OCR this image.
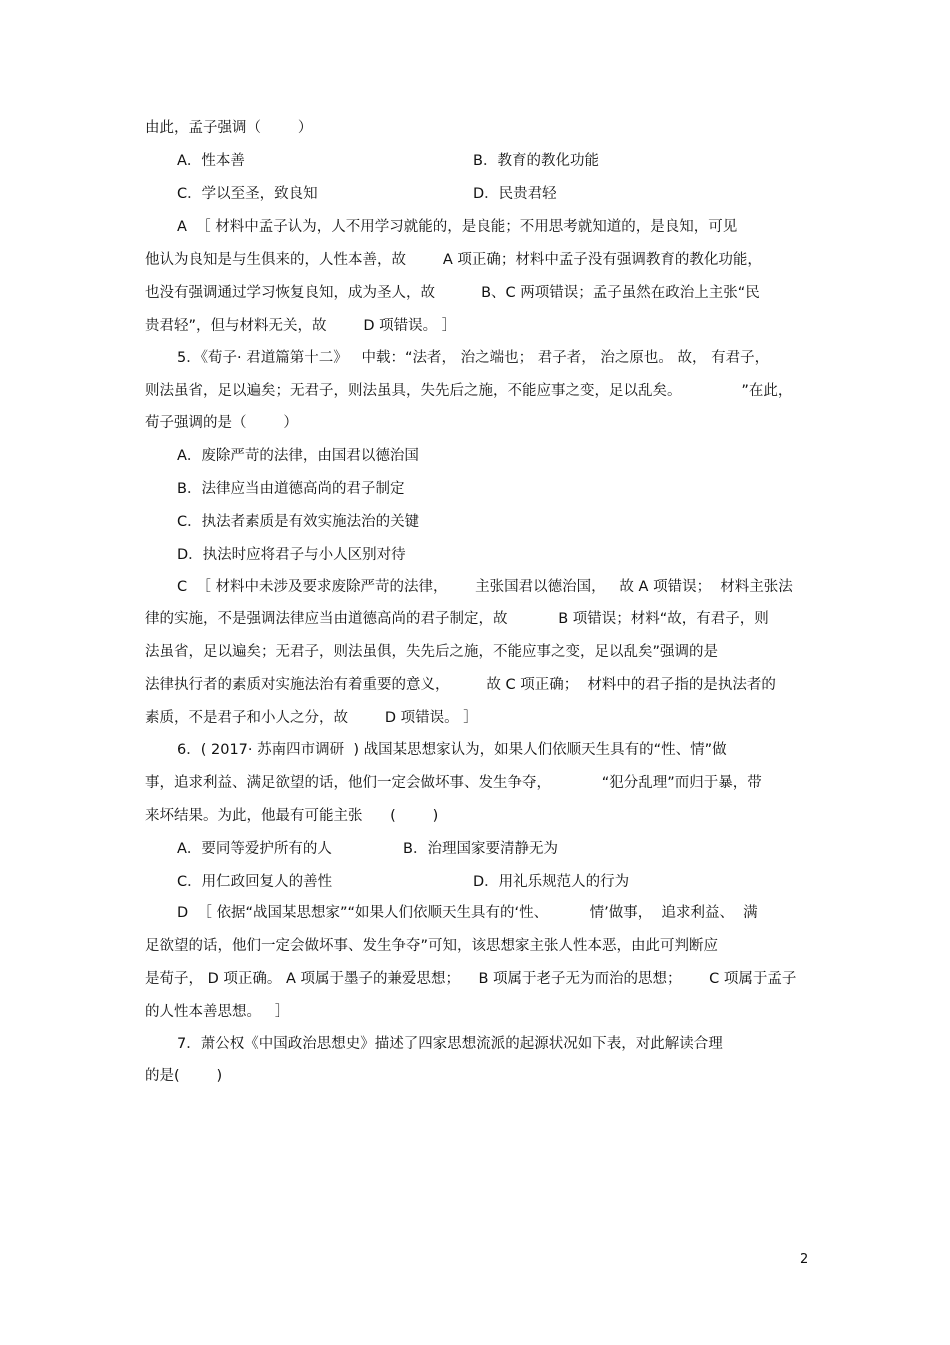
由此，孟子强调（        ）

A．性本善	B．教育的教化功能

C．学以至圣，致良知	D．民贵君轻

A  ［ 材料中孟子认为，人不用学习就能的，是良能；不用思考就知道的，是良知，可见

他认为良知是与生俱来的，人性本善，故        A 项正确；材料中孟子没有强调教育的教化功能，

也没有强调通过学习恢复良知，成为圣人，故          B、C 两项错误；孟子虽然在政治上主张“民

贵君轻”，但与材料无关，故        D 项错误。 ］

5．《荀子· 君道篇第十二》   中载：“法者， 治之端也； 君子者， 治之原也。 故， 有君子，

则法虽省，足以遍矣；无君子，则法虽具，失先后之施，不能应事之变，足以乱矣。             ”在此，

荀子强调的是（        ）

A．废除严苛的法律，由国君以德治国

B．法律应当由道德高尚的君子制定

C．执法者素质是有效实施法治的关键

D．执法时应将君子与小人区别对待

C  ［ 材料中未涉及要求废除严苛的法律，      主张国君以德治国，   故 A 项错误；  材料主张法

律的实施，不是强调法律应当由道德高尚的君子制定，故           B 项错误；材料“故，有君子，则

法虽省，足以遍矣；无君子，则法虽俱，失先后之施，不能应事之变，足以乱矣”强调的是

法律执行者的素质对实施法治有着重要的意义，        故 C 项正确；  材料中的君子指的是执法者的

素质，不是君子和小人之分，故        D 项错误。 ］

6．( 2017· 苏南四市调研  ) 战国某思想家认为，如果人们依顺天生具有的“性、情”做

事，追求利益、满足欲望的话，他们一定会做坏事、发生争夺，           “犯分乱理”而归于暴，带

来坏结果。为此，他最有可能主张      (        )

A．要同等爱护所有的人	B．治理国家要清静无为

C．用仁政回复人的善性	D．用礼乐规范人的行为

D  ［ 依据“战国某思想家”“如果人们依顺天生具有的‘性、         情’做事，  追求利益、  满

足欲望的话，他们一定会做坏事、发生争夺”可知，该思想家主张人性本恶，由此可判断应

是荀子， D 项正确。 A 项属于墨子的兼爱思想；    B 项属于老子无为而治的思想；      C 项属于孟子

的人性本善思想。   ］

7．萧公权《中国政治思想史》描述了四家思想流派的起源状况如下表，对此解读合理

的是(        )

2
